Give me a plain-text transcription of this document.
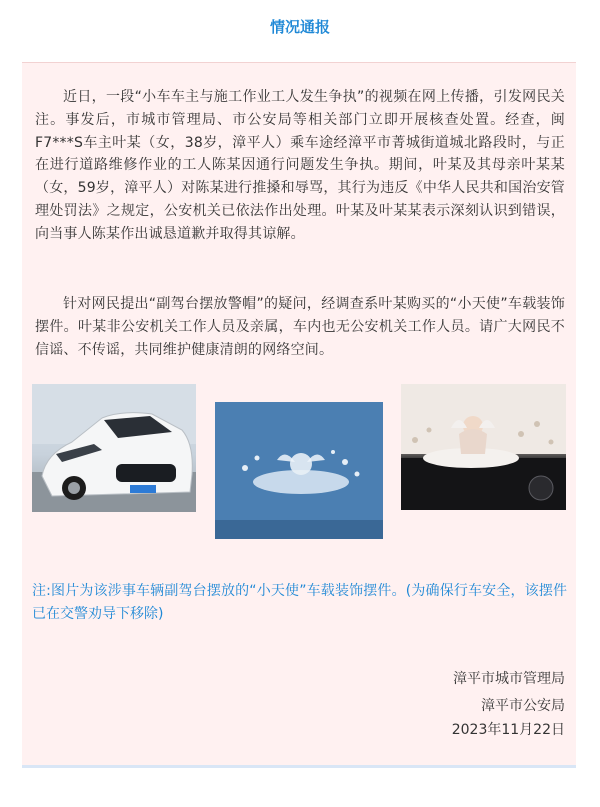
情况通报

近日，一段“小车车主与施工作业工人发生争执”的视频在网上传播，引发网民关注。事发后，市城市管理局、市公安局等相关部门立即开展核查处置。经查，闽F7***S车主叶某（女，38岁，漳平人）乘车途经漳平市菁城街道城北路段时，与正在进行道路维修作业的工人陈某因通行问题发生争执。期间，叶某及其母亲叶某某（女，59岁，漳平人）对陈某进行推搡和辱骂，其行为违反《中华人民共和国治安管理处罚法》之规定，公安机关已依法作出处理。叶某及叶某某表示深刻认识到错误，向当事人陈某作出诚恳道歉并取得其谅解。

针对网民提出“副驾台摆放警帽”的疑问，经调查系叶某购买的“小天使”车载装饰摆件。叶某非公安机关工作人员及亲属，车内也无公安机关工作人员。请广大网民不信谣、不传谣，共同维护健康清朗的网络空间。

注:图片为该涉事车辆副驾台摆放的“小天使”车载装饰摆件。(为确保行车安全，该摆件已在交警劝导下移除)

漳平市城市管理局
漳平市公安局
2023年11月22日
